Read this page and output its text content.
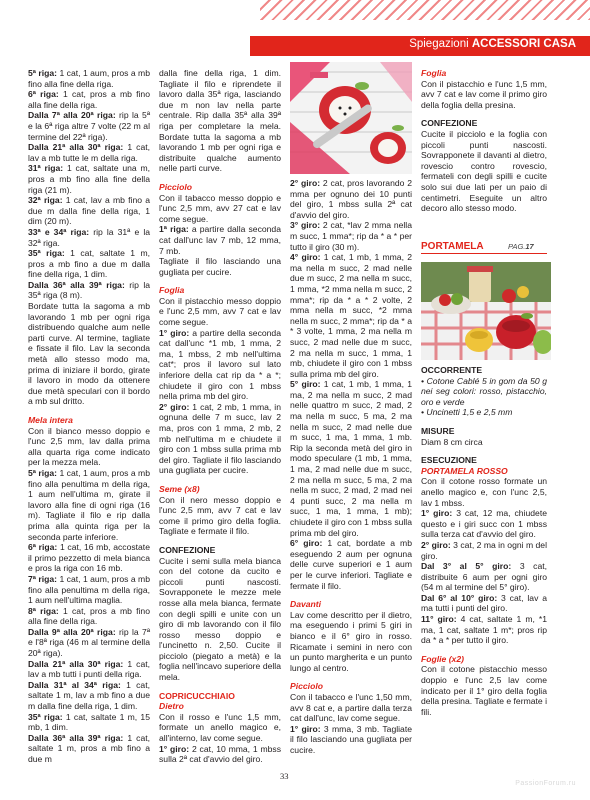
Spiegazioni ACCESSORI CASA

5ª riga: 1 cat, 1 aum, pros a mb fino alla fine della riga.

6ª riga: 1 cat, pros a mb fino alla fine della riga.

Dalla 7ª alla 20ª riga: rip la 5ª e la 6ª riga altre 7 volte (22 m al termine del 22ª riga).

Dalla 21ª alla 30ª riga: 1 cat, lav a mb tutte le m della riga.

31ª riga: 1 cat, saltate una m, pros a mb fino alla fine della riga (21 m).

32ª riga: 1 cat, lav a mb fino a due m dalla fine della riga, 1 dim (20 m).

33ª e 34ª riga: rip la 31ª e la 32ª riga.

35ª riga: 1 cat, saltate 1 m, pros a mb fino a due m dalla fine della riga, 1 dim.

Dalla 36ª alla 39ª riga: rip la 35ª riga (8 m).

Bordate tutta la sagoma a mb lavorando 1 mb per ogni riga distribuendo qualche aum nelle parti curve. Al termine, tagliate e fissate il filo. Lav la seconda metà allo stesso modo ma, prima di iniziare il bordo, girate il lavoro in modo da ottenere due metà speculari con il bordo a mb sul dritto.

Mela intera

Con il bianco messo doppio e l'unc 2,5 mm, lav dalla prima alla quarta riga come indicato per la mezza mela.

5ª riga: 1 cat, 1 aum, pros a mb fino alla penultima m della riga, 1 aum nell'ultima m, girate il lavoro alla fine di ogni riga (16 m). Tagliate il filo e rip dalla prima alla quinta riga per la seconda parte inferiore.

6ª riga: 1 cat, 16 mb, accostate il primo pezzetto di mela bianca e pros la riga con 16 mb.

7ª riga: 1 cat, 1 aum, pros a mb fino alla penultima m della riga, 1 aum nell'ultima maglia.

8ª riga: 1 cat, pros a mb fino alla fine della riga.

Dalla 9ª alla 20ª riga: rip la 7ª e l'8ª riga (46 m al termine della 20ª riga).

Dalla 21ª alla 30ª riga: 1 cat, lav a mb tutti i punti della riga.

Dalla 31ª al 34ª riga: 1 cat, saltate 1 m, lav a mb fino a due m dalla fine della riga, 1 dim.

35ª riga: 1 cat, saltate 1 m, 15 mb, 1 dim.

Dalla 36ª alla 39ª riga: 1 cat, saltate 1 m, pros a mb fino a due m

dalla fine della riga, 1 dim. Tagliate il filo e riprendete il lavoro dalla 35ª riga, lasciando due m non lav nella parte centrale. Rip dalla 35ª alla 39ª riga per completare la mela. Bordate tutta la sagoma a mb lavorando 1 mb per ogni riga e distribuite qualche aumento nelle parti curve.

Picciolo

Con il tabacco messo doppio e l'unc 2,5 mm, avv 27 cat e lav come segue.

1ª riga: a partire dalla seconda cat dall'unc lav 7 mb, 12 mma, 7 mb.

Tagliate il filo lasciando una gugliata per cucire.

Foglia

Con il pistacchio messo doppio e l'unc 2,5 mm, avv 7 cat e lav come segue.

1° giro: a partire della seconda cat dall'unc *1 mb, 1 mma, 2 ma, 1 mbss, 2 mb nell'ultima cat*; pros il lavoro sul lato inferiore della cat rip da * a *; chiudete il giro con 1 mbss nella prima mb del giro.

2° giro: 1 cat, 2 mb, 1 mma, in ognuna delle 7 m succ, lav 2 ma, pros con 1 mma, 2 mb, 2 mb nell'ultima m e chiudete il giro con 1 mbss sulla prima mb del giro. Tagliate il filo lasciando una gugliata per cucire.

Seme (x8)

Con il nero messo doppio e l'unc 2,5 mm, avv 7 cat e lav come il primo giro della foglia. Tagliate e fermate il filo.

CONFEZIONE

Cucite i semi sulla mela bianca con del cotone da cucito e piccoli punti nascosti. Sovrapponete le mezze mele rosse alla mela bianca, fermate con degli spilli e unite con un giro di mb lavorando con il filo rosso messo doppio e l'uncinetto n. 2,50. Cucite il picciolo (piegato a metà) e la foglia nell'incavo superiore della mela.

COPRICUCCHIAIO

Dietro

Con il rosso e l'unc 1,5 mm, formate un anello magico e, all'interno, lav come segue.

1° giro: 2 cat, 10 mma, 1 mbss sulla 2ª cat d'avvio del giro.

2° giro: 2 cat, pros lavorando 2 mma per ognuno dei 10 punti del giro, 1 mbss sulla 2ª cat d'avvio del giro.

3° giro: 2 cat, *lav 2 mma nella m succ, 1 mma*; rip da * a * per tutto il giro (30 m).

4° giro: 1 cat, 1 mb, 1 mma, 2 ma nella m succ, 2 mad nelle due m succ, 2 ma nella m succ, 1 mma, *2 mma nella m succ, 2 mma*; rip da * a * 2 volte, 2 mma nella m succ, *2 mma nella m succ, 2 mma*; rip da * a * 3 volte, 1 mma, 2 ma nella m succ, 2 mad nelle due m succ, 2 ma nella m succ, 1 mma, 1 mb, chiudete il giro con 1 mbss sulla prima mb del giro.

5° giro: 1 cat, 1 mb, 1 mma, 1 ma, 2 ma nella m succ, 2 mad nelle quattro m succ, 2 mad, 2 ma nella m succ, 5 ma, 2 ma nella m succ, 2 mad nelle due m succ, 1 ma, 1 mma, 1 mb. Rip la seconda metà del giro in modo speculare (1 mb, 1 mma, 1 ma, 2 mad nelle due m succ, 2 ma nella m succ, 5 ma, 2 ma nella m succ, 2 mad, 2 mad nei 4 punti succ, 2 ma nella m succ, 1 ma, 1 mma, 1 mb); chiudete il giro con 1 mbss sulla prima mb del giro.

6° giro: 1 cat, bordate a mb eseguendo 2 aum per ognuna delle curve superiori e 1 aum per le curve inferiori. Tagliate e fermate il filo.

Davanti

Lav come descritto per il dietro, ma eseguendo i primi 5 giri in bianco e il 6° giro in rosso. Ricamate i semini in nero con un punto margherita e un punto lungo al centro.

Picciolo

Con il tabacco e l'unc 1,50 mm, avv 8 cat e, a partire dalla terza cat dall'unc, lav come segue.

1° giro: 3 mma, 3 mb. Tagliate il filo lasciando una gugliata per cucire.

Foglia

Con il pistacchio e l'unc 1,5 mm, avv 7 cat e lav come il primo giro della foglia della presina.

CONFEZIONE

Cucite il picciolo e la foglia con piccoli punti nascosti. Sovrapponete il davanti al dietro, rovescio contro rovescio, fermateli con degli spilli e cucite solo sui due lati per un paio di centimetri. Eseguite un altro decoro allo stesso modo.

PORTAMELA	PAG.17

OCCORRENTE

• Cotone Cablé 5 in gom da 50 g nei seg colori: rosso, pistacchio, oro e verde

• Uncinetti 1,5 e 2,5 mm

MISURE

Diam 8 cm circa

ESECUZIONE

PORTAMELA ROSSO

Con il cotone rosso formate un anello magico e, con l'unc 2,5, lav 1 mbss.

1° giro: 3 cat, 12 ma, chiudete questo e i giri succ con 1 mbss sulla terza cat d'avvio del giro.

2° giro: 3 cat, 2 ma in ogni m del giro.

Dal 3° al 5° giro: 3 cat, distribuite 6 aum per ogni giro (54 m al termine del 5° giro).

Dal 6° al 10° giro: 3 cat, lav a ma tutti i punti del giro.

11° giro: 4 cat, saltate 1 m, *1 ma, 1 cat, saltate 1 m*; pros rip da * a * per tutto il giro.

Foglie (x2)

Con il cotone pistacchio messo doppio e l'unc 2,5 lav come indicato per il 1° giro della foglia della presina. Tagliate e fermate i fili.

33
PassionForum.ru
